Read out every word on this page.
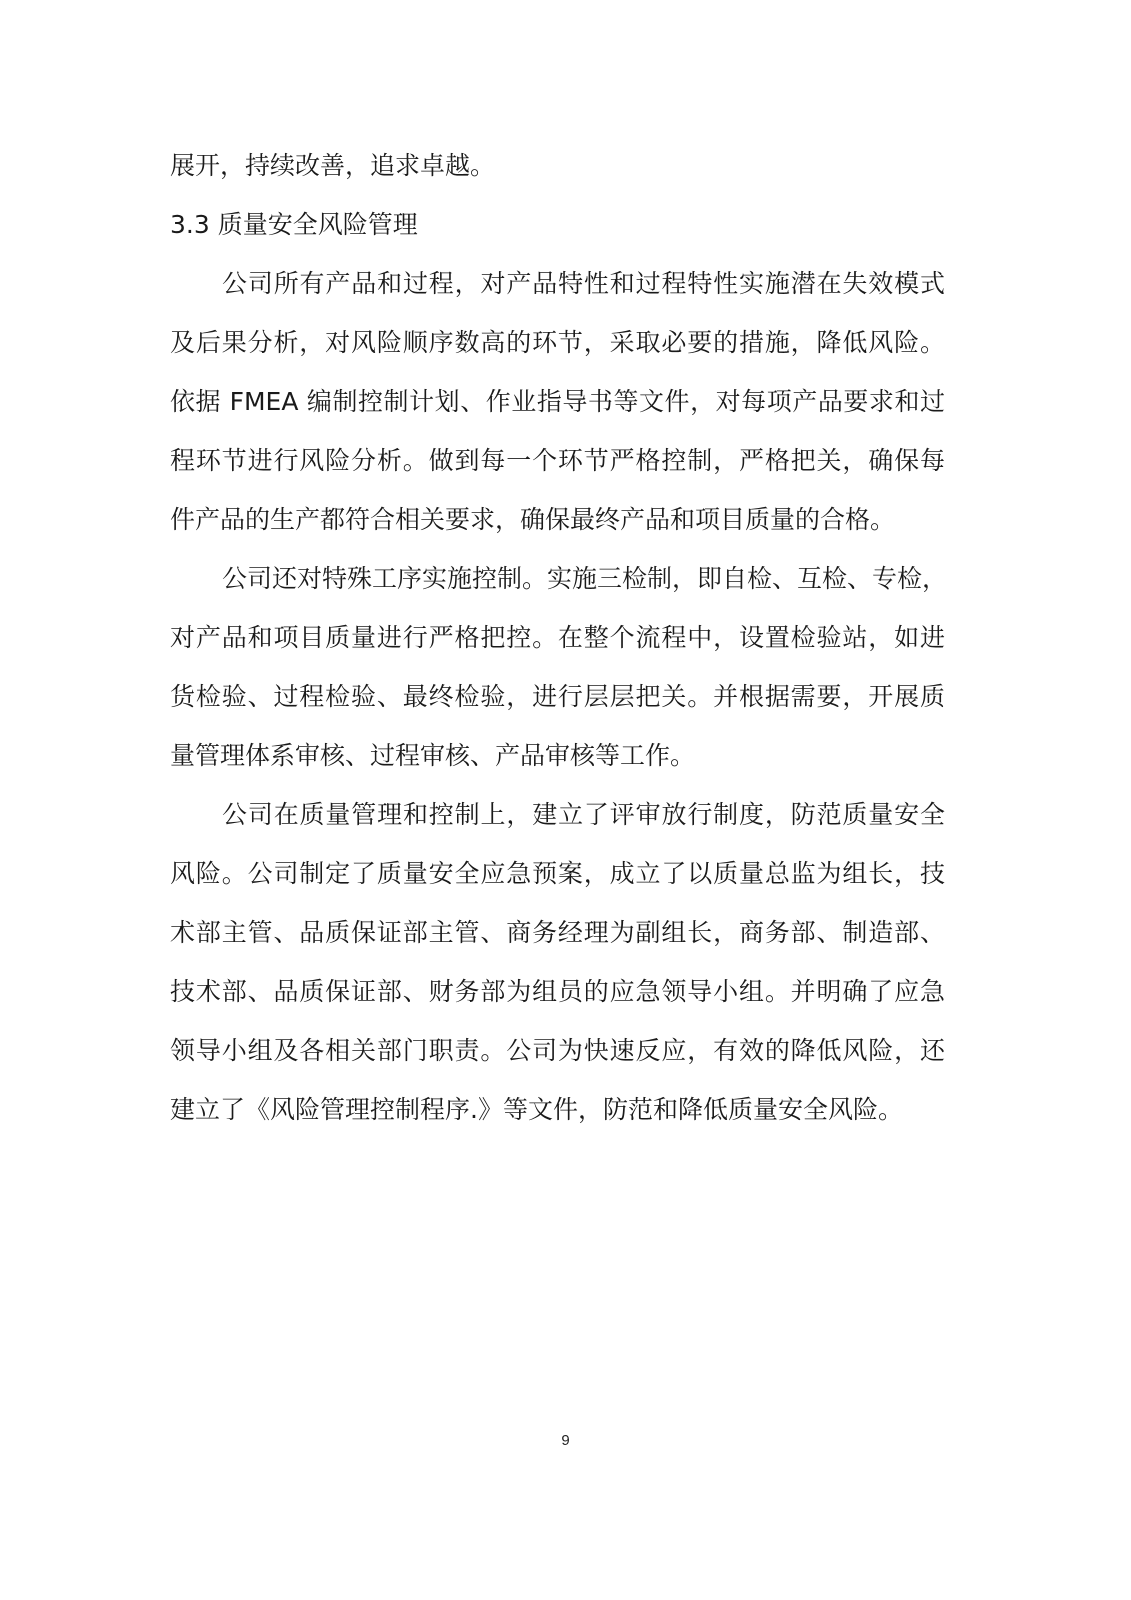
展开，持续改善，追求卓越。
3.3 质量安全风险管理
公司所有产品和过程，对产品特性和过程特性实施潜在失效模式
及后果分析，对风险顺序数高的环节，采取必要的措施，降低风险。
依据 FMEA 编制控制计划、作业指导书等文件，对每项产品要求和过
程环节进行风险分析。做到每一个环节严格控制，严格把关，确保每
件产品的生产都符合相关要求，确保最终产品和项目质量的合格。
公司还对特殊工序实施控制。实施三检制，即自检、互检、专检，
对产品和项目质量进行严格把控。在整个流程中，设置检验站，如进
货检验、过程检验、最终检验，进行层层把关。并根据需要，开展质
量管理体系审核、过程审核、产品审核等工作。
公司在质量管理和控制上，建立了评审放行制度，防范质量安全
风险。公司制定了质量安全应急预案，成立了以质量总监为组长，技
术部主管、品质保证部主管、商务经理为副组长，商务部、制造部、
技术部、品质保证部、财务部为组员的应急领导小组。并明确了应急
领导小组及各相关部门职责。公司为快速反应，有效的降低风险，还
建立了《风险管理控制程序.》等文件，防范和降低质量安全风险。
9
